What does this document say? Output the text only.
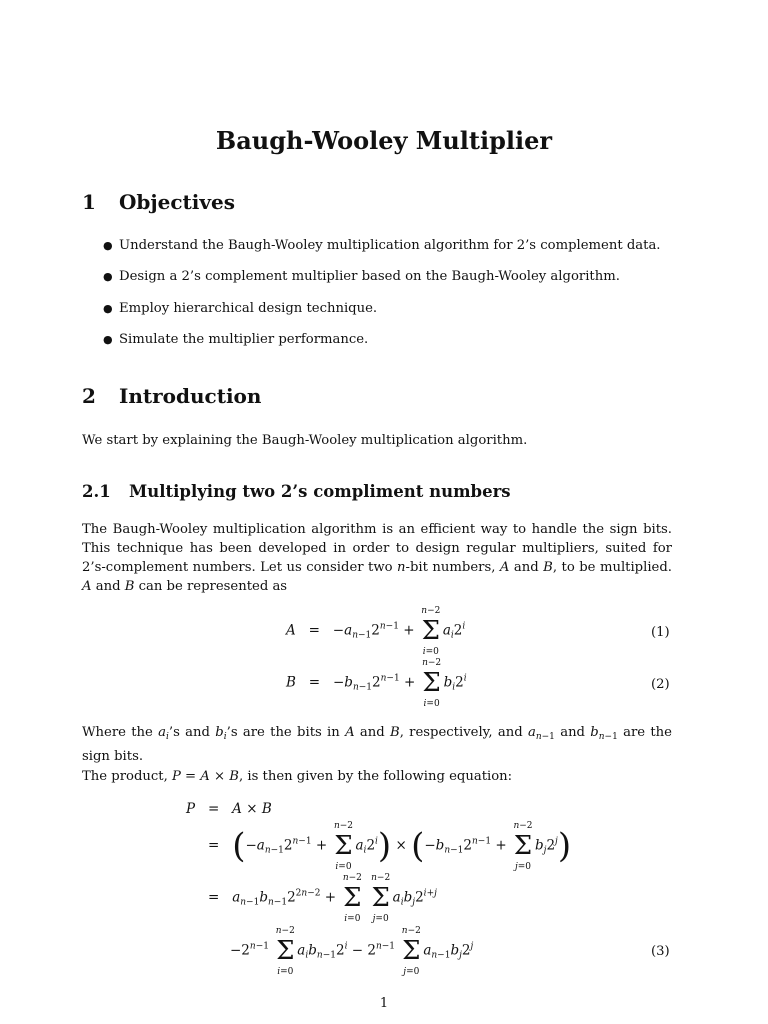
Baugh-Wooley Multiplier
1 Objectives
● Understand the Baugh-Wooley multiplication algorithm for 2’s complement data.
● Design a 2’s complement multiplier based on the Baugh-Wooley algorithm.
● Employ hierarchical design technique.
● Simulate the multiplier performance.
2 Introduction
We start by explaining the Baugh-Wooley multiplication algorithm.
2.1 Multiplying two 2’s compliment numbers
The Baugh-Wooley multiplication algorithm is an efficient way to handle the sign bits. This technique has been developed in order to design regular multipliers, suited for 2’s-complement numbers. Let us consider two n-bit numbers, A and B, to be multiplied. A and B can be represented as
$A = -a_{n-1}2^{n-1}$ +
n−2
Σ
i=0
$a_i2^i$	(1)
$B = -b_{n-1}2^{n-1}$ +
n−2
Σ
i=0
$b_i2^i$	(2)
Where the $a_i’s$ and $b_i’s$ are the bits in A and B, respectively, and $a_{n-1}$ and $b_{n-1}$ are the sign bits.
The product, P = A × B, is then given by the following equation:
P   =   A × B
=   ($-a_{n-1}2^{n-1}$ +
n−2
Σ
i=0
$a_i2^i) \times (-b_{n-1}2^{n-1}$ +
n−2
Σ
j=0
$b_j2^j$)
=   $a_{n-1}b_{n-1}2^{2n-2}$ +
n−2
Σ
i=0

n−2
Σ
j=0
$a_ib_j2^{i+j}$
$-2^{n-1}$
n−2
Σ
i=0
$a_ib_{n-1}2^i - 2^{n-1}$
n−2
Σ
j=0
$a_{n-1}b_j2^j$	(3)
1
